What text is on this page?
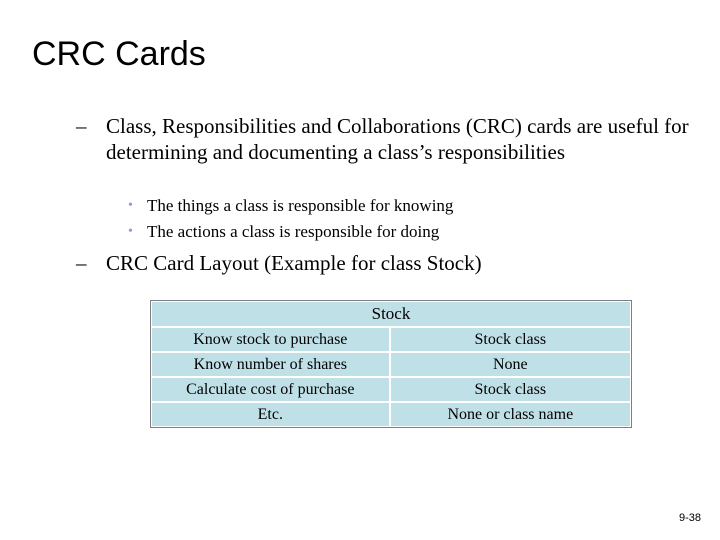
CRC Cards
– Class, Responsibilities and Collaborations (CRC) cards are useful for determining and documenting a class’s responsibilities
• The things a class is responsible for knowing
• The actions a class is responsible for doing
– CRC Card Layout (Example for class Stock)
Stock	
Know stock to purchase	Stock class
Know number of shares	None
Calculate cost of purchase	Stock class
Etc.	None or class name
9-38
